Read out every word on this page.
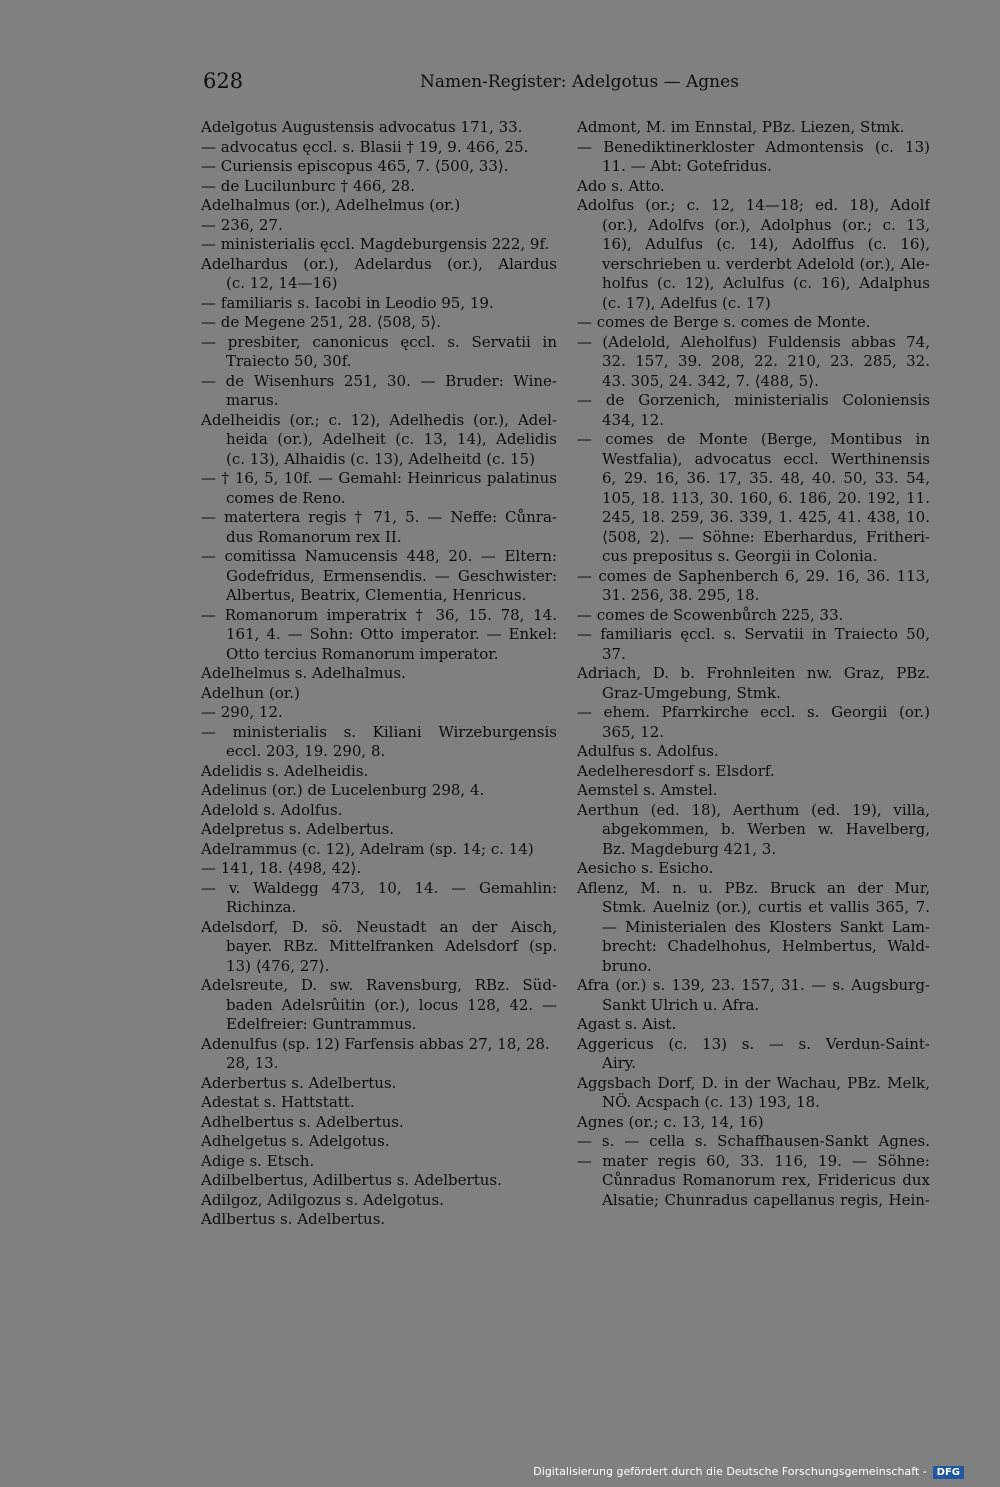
628	Namen-Register: Adelgotus — Agnes
Adelgotus Augustensis advocatus 171, 33.
— advocatus ęccl. s. Blasii † 19, 9. 466, 25.
— Curiensis episcopus 465, 7. ⟨500, 33⟩.
— de Lucilunburc † 466, 28.
Adelhalmus (or.), Adelhelmus (or.)
— 236, 27.
— ministerialis ęccl. Magdeburgensis 222, 9f.
Adelhardus (or.), Adelardus (or.), Alardus
(c. 12, 14—16)
— familiaris s. Iacobi in Leodio 95, 19.
— de Megene 251, 28. ⟨508, 5⟩.
— presbiter, canonicus ęccl. s. Servatii in
Traiecto 50, 30f.
— de Wisenhurs 251, 30. — Bruder: Wine-
marus.
Adelheidis (or.; c. 12), Adelhedis (or.), Adel-
heida (or.), Adelheit (c. 13, 14), Adelidis
(c. 13), Alhaidis (c. 13), Adelheitd (c. 15)
— † 16, 5, 10f. — Gemahl: Heinricus palatinus
comes de Reno.
— matertera regis † 71, 5. — Neffe: Cůnra-
dus Romanorum rex II.
— comitissa Namucensis 448, 20. — Eltern:
Godefridus, Ermensendis. — Geschwister:
Albertus, Beatrix, Clementia, Henricus.
— Romanorum imperatrix † 36, 15. 78, 14.
161, 4. — Sohn: Otto imperator. — Enkel:
Otto tercius Romanorum imperator.
Adelhelmus s. Adelhalmus.
Adelhun (or.)
— 290, 12.
— ministerialis s. Kiliani Wirzeburgensis
eccl. 203, 19. 290, 8.
Adelidis s. Adelheidis.
Adelinus (or.) de Lucelenburg 298, 4.
Adelold s. Adolfus.
Adelpretus s. Adelbertus.
Adelrammus (c. 12), Adelram (sp. 14; c. 14)
— 141, 18. ⟨498, 42⟩.
— v. Waldegg 473, 10, 14. — Gemahlin:
Richinza.
Adelsdorf, D. sö. Neustadt an der Aisch,
bayer. RBz. Mittelfranken Adelsdorf (sp.
13) ⟨476, 27⟩.
Adelsreute, D. sw. Ravensburg, RBz. Süd-
baden Adelsrûitin (or.), locus 128, 42. —
Edelfreier: Guntrammus.
Adenulfus (sp. 12) Farfensis abbas 27, 18, 28.
28, 13.
Aderbertus s. Adelbertus.
Adestat s. Hattstatt.
Adhelbertus s. Adelbertus.
Adhelgetus s. Adelgotus.
Adige s. Etsch.
Adilbelbertus, Adilbertus s. Adelbertus.
Adilgoz, Adilgozus s. Adelgotus.
Adlbertus s. Adelbertus.
Admont, M. im Ennstal, PBz. Liezen, Stmk.
— Benediktinerkloster Admontensis (c. 13)
11. — Abt: Gotefridus.
Ado s. Atto.
Adolfus (or.; c. 12, 14—18; ed. 18), Adolf
(or.), Adolfvs (or.), Adolphus (or.; c. 13,
16), Adulfus (c. 14), Adolffus (c. 16),
verschrieben u. verderbt Adelold (or.), Ale-
holfus (c. 12), Aclulfus (c. 16), Adalphus
(c. 17), Adelfus (c. 17)
— comes de Berge s. comes de Monte.
— (Adelold, Aleholfus) Fuldensis abbas 74,
32. 157, 39. 208, 22. 210, 23. 285, 32.
43. 305, 24. 342, 7. ⟨488, 5⟩.
— de Gorzenich, ministerialis Coloniensis
434, 12.
— comes de Monte (Berge, Montibus in
Westfalia), advocatus eccl. Werthinensis
6, 29. 16, 36. 17, 35. 48, 40. 50, 33. 54,
105, 18. 113, 30. 160, 6. 186, 20. 192, 11.
245, 18. 259, 36. 339, 1. 425, 41. 438, 10.
⟨508, 2⟩. — Söhne: Eberhardus, Fritheri-
cus prepositus s. Georgii in Colonia.
— comes de Saphenberch 6, 29. 16, 36. 113,
31. 256, 38. 295, 18.
— comes de Scowenbůrch 225, 33.
— familiaris ęccl. s. Servatii in Traiecto 50,
37.
Adriach, D. b. Frohnleiten nw. Graz, PBz.
Graz-Umgebung, Stmk.
— ehem. Pfarrkirche eccl. s. Georgii (or.)
365, 12.
Adulfus s. Adolfus.
Aedelheresdorf s. Elsdorf.
Aemstel s. Amstel.
Aerthun (ed. 18), Aerthum (ed. 19), villa,
abgekommen, b. Werben w. Havelberg,
Bz. Magdeburg 421, 3.
Aesicho s. Esicho.
Aflenz, M. n. u. PBz. Bruck an der Mur,
Stmk. Auelniz (or.), curtis et vallis 365, 7.
— Ministerialen des Klosters Sankt Lam-
brecht: Chadelhohus, Helmbertus, Wald-
bruno.
Afra (or.) s. 139, 23. 157, 31. — s. Augsburg-
Sankt Ulrich u. Afra.
Agast s. Aist.
Aggericus (c. 13) s. — s. Verdun-Saint-
Airy.
Aggsbach Dorf, D. in der Wachau, PBz. Melk,
NÖ. Acspach (c. 13) 193, 18.
Agnes (or.; c. 13, 14, 16)
— s. — cella s. Schaffhausen-Sankt Agnes.
— mater regis 60, 33. 116, 19. — Söhne:
Cůnradus Romanorum rex, Fridericus dux
Alsatie; Chunradus capellanus regis, Hein-
Digitalisierung gefördert durch die Deutsche Forschungsgemeinschaft -	DFG
